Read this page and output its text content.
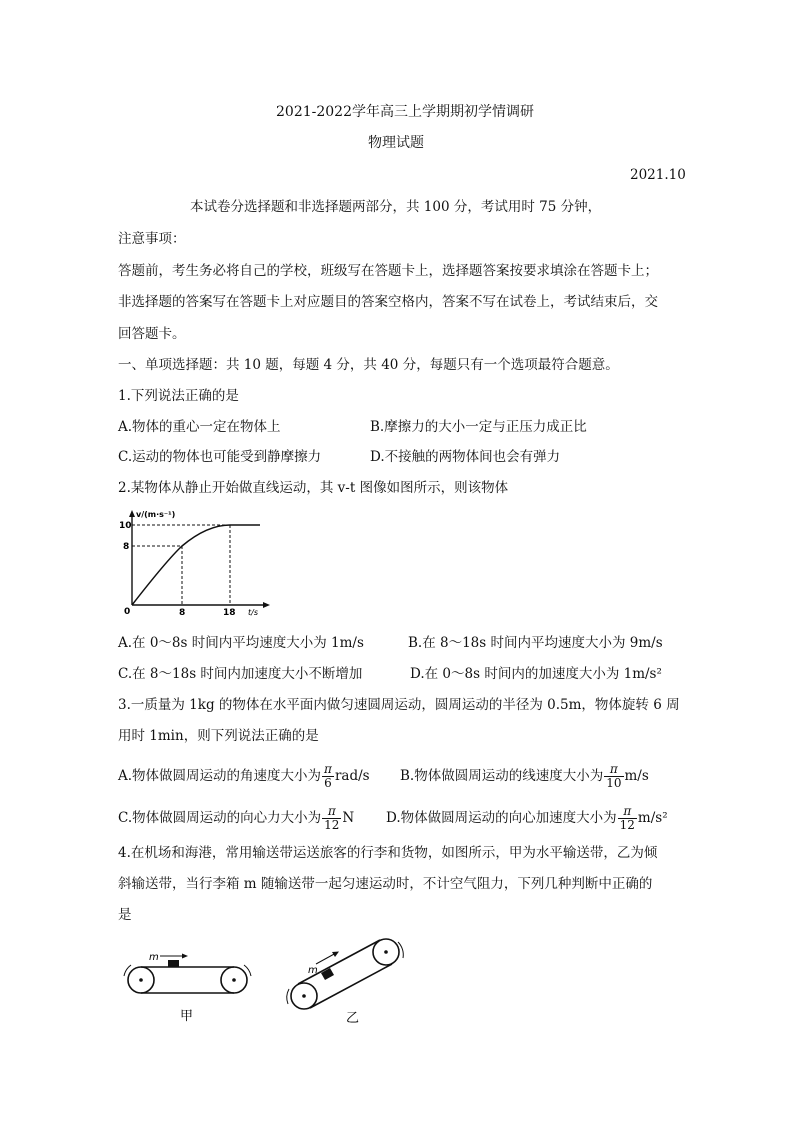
2021-2022学年高三上学期期初学情调研
物理试题
2021.10
本试卷分选择题和非选择题两部分，共 100 分，考试用时 75 分钟，
注意事项：
答题前，考生务必将自己的学校，班级写在答题卡上，选择题答案按要求填涂在答题卡上；
非选择题的答案写在答题卡上对应题目的答案空格内，答案不写在试卷上，考试结束后，交
回答题卡。
一、单项选择题：共 10 题，每题 4 分，共 40 分，每题只有一个选项最符合题意。
1.下列说法正确的是
A.物体的重心一定在物体上	B.摩擦力的大小一定与正压力成正比
C.运动的物体也可能受到静摩擦力	D.不接触的两物体间也会有弹力
2.某物体从静止开始做直线运动，其 v-t 图像如图所示，则该物体
v/(m·s⁻¹)
t/s
0
10
8
8	18
A.在 0～8s 时间内平均速度大小为 1m/s	B.在 8～18s 时间内平均速度大小为 9m/s
C.在 8～18s 时间内加速度大小不断增加	D.在 0～8s 时间内的加速度大小为 1m/s²
3.一质量为 1kg 的物体在水平面内做匀速圆周运动，圆周运动的半径为 0.5m，物体旋转 6 周
用时 1min，则下列说法正确的是
A.物体做圆周运动的角速度大小为 $\frac{\pi}{6} rad/s$ B.物体做圆周运动的线速度大小为 $\frac{\pi}{10} m/s$
C.物体做圆周运动的向心力大小为 $\frac{\pi}{12}$ N D.物体做圆周运动的向心加速度大小为 $\frac{\pi}{12} m/s^2$
4.在机场和海港，常用输送带运送旅客的行李和货物，如图所示，甲为水平输送带，乙为倾
斜输送带，当行李箱 m 随输送带一起匀速运动时，不计空气阻力，下列几种判断中正确的
是
m
甲
m
乙
